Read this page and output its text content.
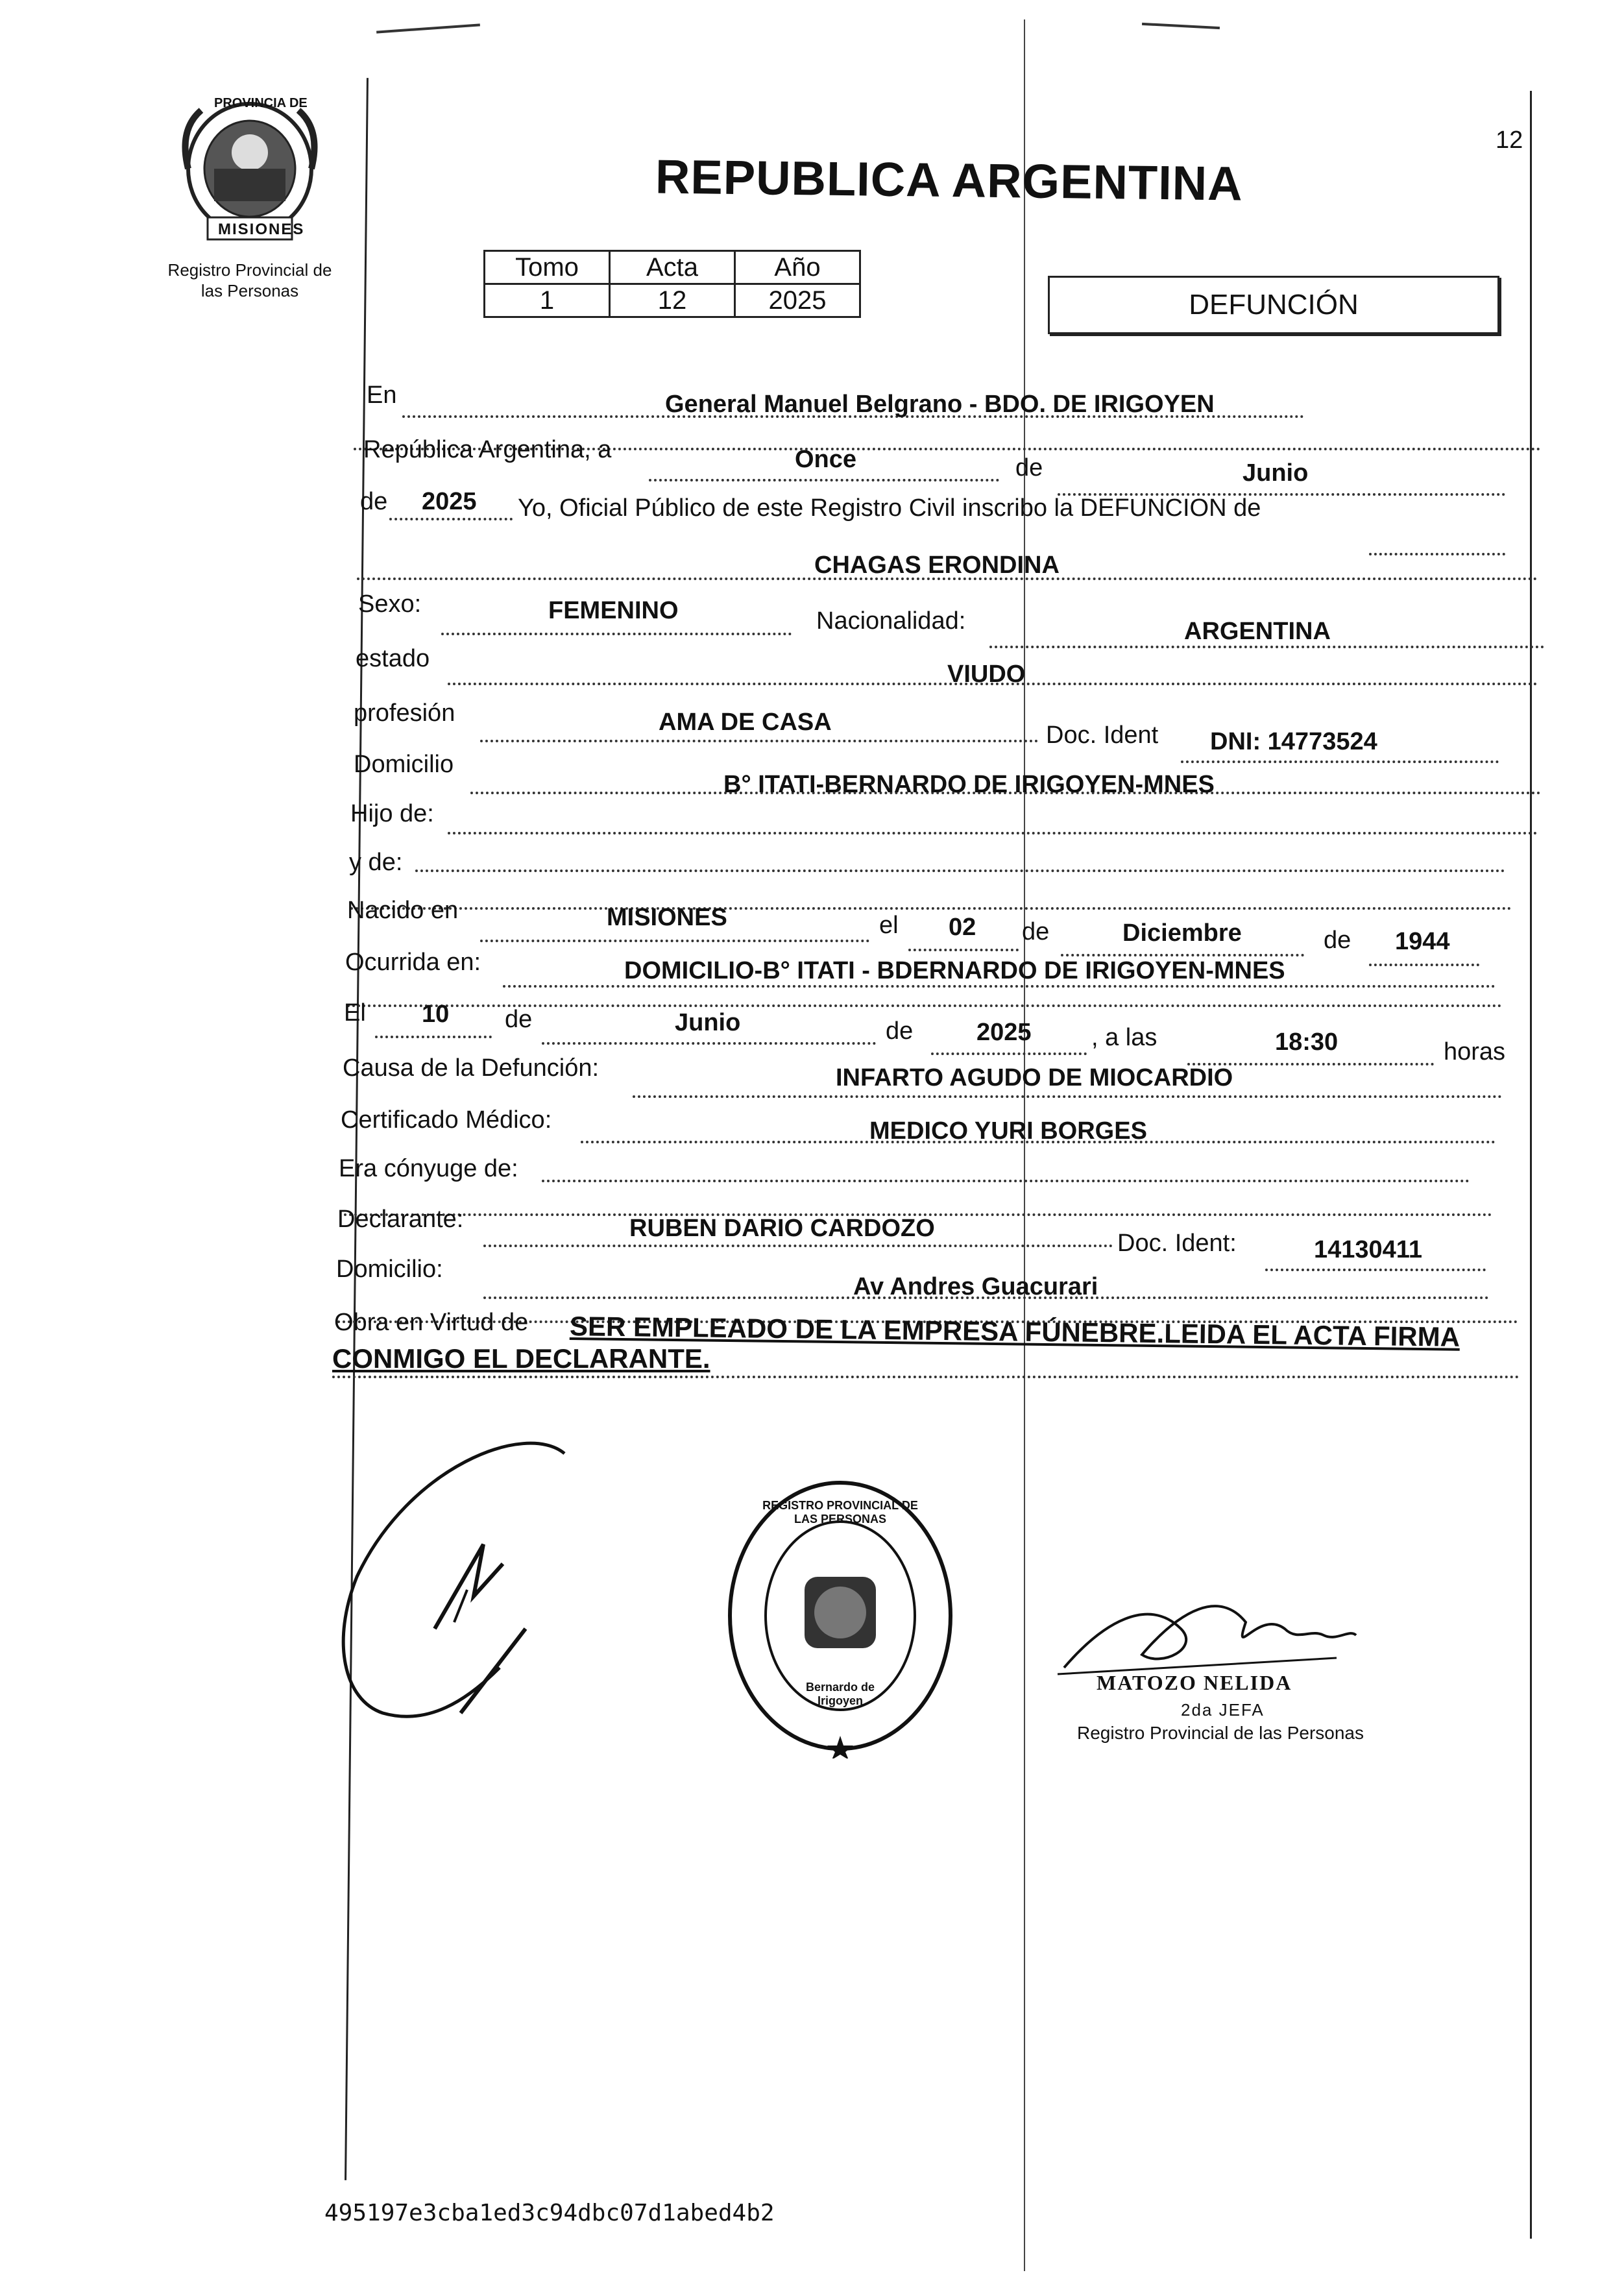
PROVINCIA DE
MISIONES
Registro Provincial de
las Personas
12
REPUBLICA ARGENTINA
Tomo	Acta	Año
1	12	2025	DEFUNCIÓN
En	General Manuel Belgrano - BDO. DE IRIGOYEN
República Argentina, a	Once	de	Junio
de 2025 Yo, Oficial Público de este Registro Civil inscribo la DEFUNCION de
CHAGAS ERONDINA
Sexo:	FEMENINO	Nacionalidad:	ARGENTINA
estado
VIUDO
profesión	AMA DE CASA	Doc. Ident DNI: 14773524
Domicilio
B° ITATI-BERNARDO DE IRIGOYEN-MNES
Hijo de:
y de:
Nacido en	MISIONES	el 02 de	Diciembre	de 1944
Ocurrida en:	DOMICILIO-B° ITATI - BDERNARDO DE IRIGOYEN-MNES
El 10 de	Junio	de	2025 , a las	18:30	horas
Causa de la Defunción:	INFARTO AGUDO DE MIOCARDIO
Certificado Médico:	MEDICO YURI BORGES
Era cónyuge de:
Declarante:	RUBEN DARIO CARDOZO
Doc. Ident:	14130411
Domicilio:
Av Andres Guacurari
Obra en Virtud de SER EMPLEADO DE LA EMPRESA FÚNEBRE.LEIDA EL ACTA FIRMA
CONMIGO EL DECLARANTE.
REGISTRO PROVINCIAL DE LAS PERSONAS
Bernardo de Irigoyen
MATOZO NELIDA
2da JEFA
Registro Provincial de las Personas
495197e3cba1ed3c94dbc07d1abed4b2
